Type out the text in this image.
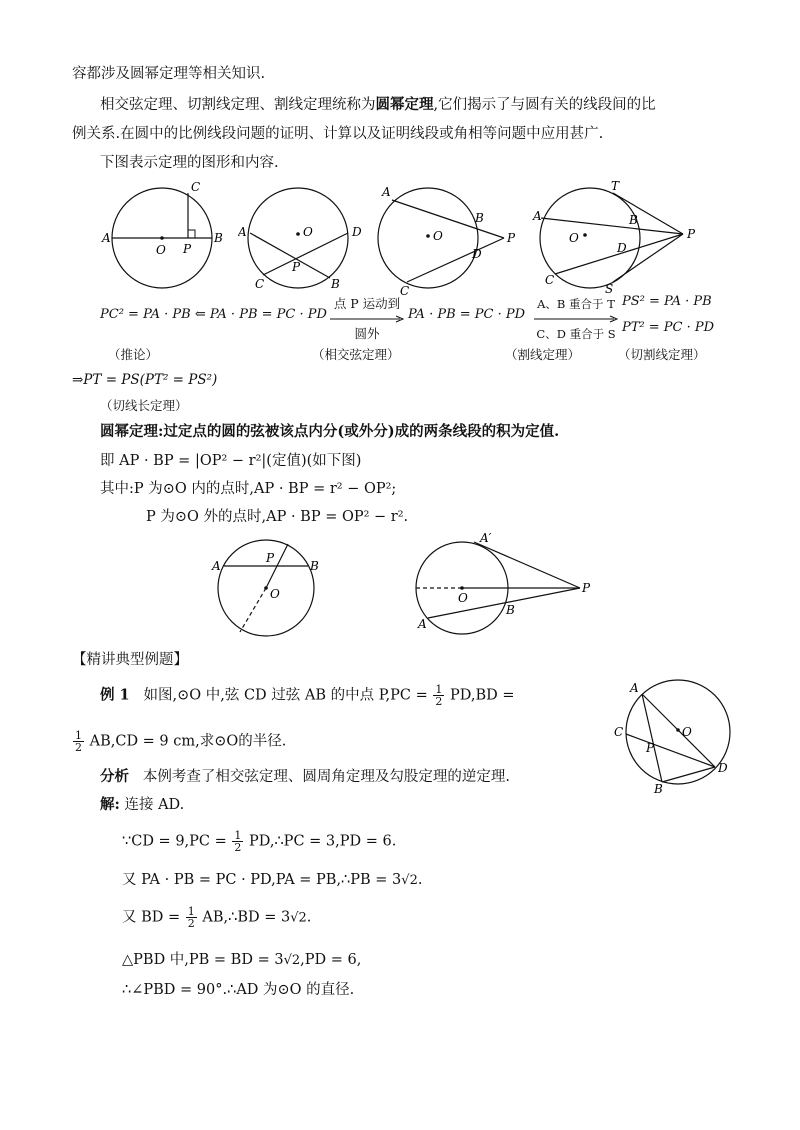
容都涉及圆幂定理等相关知识.
相交弦定理、切割线定理、割线定理统称为圆幂定理,它们揭示了与圆有关的线段间的比
例关系.在圆中的比例线段问题的证明、计算以及证明线段或角相等问题中应用甚广.
下图表示定理的图形和内容.
A	B
C
O P
A
B
C
D
O
P
A
B
C
D
O	P
T
A	B
C
D
O	P
S
PC² = PA · PB ⇐ PA · PB = PC · PD
点 P 运动到
圆外
PA · PB = PC · PD
A、B 重合于 T
C、D 重合于 S
PS² = PA · PB
PT² = PC · PD
（推论）	（相交弦定理）	（割线定理）	（切割线定理）
⇒PT = PS(PT² = PS²)
（切线长定理）
圆幂定理:过定点的圆的弦被该点内分(或外分)成的两条线段的积为定值.
即 AP · BP = |OP² − r²|(定值)(如下图)
其中:P 为⊙O 内的点时,AP · BP = r² − OP²;
P 为⊙O 外的点时,AP · BP = OP² − r².
A	B
P
O
A′
A
B
O
P
【精讲典型例题】
例 1 如图,⊙O 中,弦 CD 过弦 AB 的中点 $P,PC = \frac{1}{2} PD,BD$ =
$\frac{1}{2} AB,CD = 9$ cm,求⊙O的半径.
A
B
C
D
O
P
分析 本例考查了相交弦定理、圆周角定理及勾股定理的逆定理.
解: 连接 AD.
∵CD = $9,PC = \frac{1}{2}$ PD,∴PC = 3,PD = 6.
又 PA · PB = PC · PD,PA = PB,∴PB = 3√2.
又 BD = $\frac{1}{2}$ AB,∴BD = 3√2.
△PBD 中,PB = BD = 3√2,PD = 6,
∴∠PBD = 90°.∴AD 为⊙O 的直径.
